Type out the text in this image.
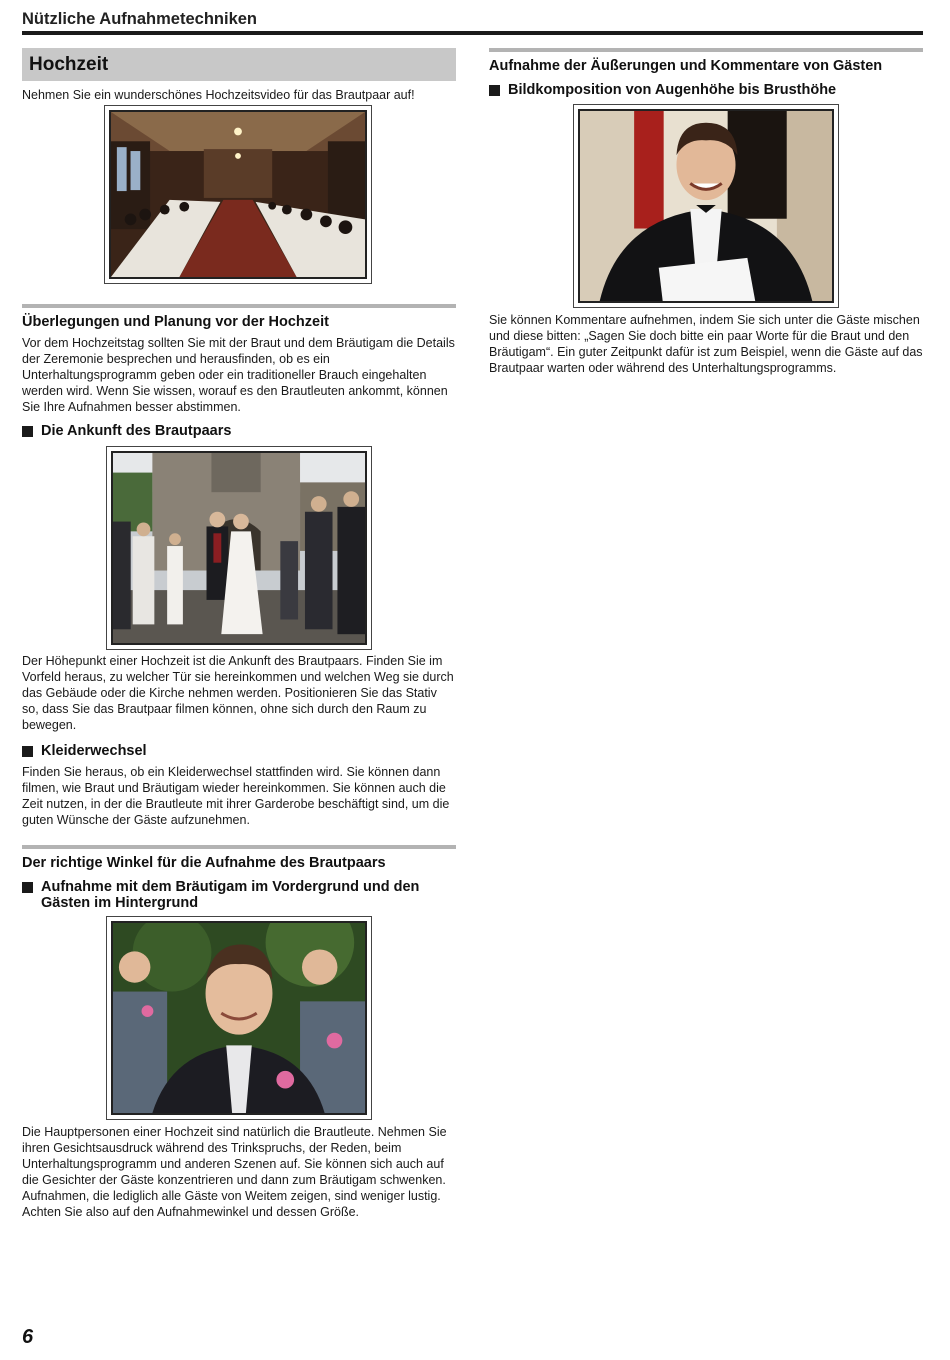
Nützliche Aufnahmetechniken
Hochzeit
Nehmen Sie ein wunderschönes Hochzeitsvideo für das Brautpaar auf!
Überlegungen und Planung vor der Hochzeit
Vor dem Hochzeitstag sollten Sie mit der Braut und dem Bräutigam die Details der Zeremonie besprechen und herausfinden, ob es ein Unterhaltungsprogramm geben oder ein traditioneller Brauch eingehalten werden wird. Wenn Sie wissen, worauf es den Brautleuten ankommt, können Sie Ihre Aufnahmen besser abstimmen.
Die Ankunft des Brautpaars
Der Höhepunkt einer Hochzeit ist die Ankunft des Brautpaars. Finden Sie im Vorfeld heraus, zu welcher Tür sie hereinkommen und welchen Weg sie durch das Gebäude oder die Kirche nehmen werden. Positionieren Sie das Stativ so, dass Sie das Brautpaar filmen können, ohne sich durch den Raum zu bewegen.
Kleiderwechsel
Finden Sie heraus, ob ein Kleiderwechsel stattfinden wird. Sie können dann filmen, wie Braut und Bräutigam wieder hereinkommen. Sie können auch die Zeit nutzen, in der die Brautleute mit ihrer Garderobe beschäftigt sind, um die guten Wünsche der Gäste aufzunehmen.
Der richtige Winkel für die Aufnahme des Brautpaars
Aufnahme mit dem Bräutigam im Vordergrund und den Gästen im Hintergrund
Die Hauptpersonen einer Hochzeit sind natürlich die Brautleute. Nehmen Sie ihren Gesichtsausdruck während des Trinkspruchs, der Reden, beim Unterhaltungsprogramm und anderen Szenen auf. Sie können sich auch auf die Gesichter der Gäste konzentrieren und dann zum Bräutigam schwenken. Aufnahmen, die lediglich alle Gäste von Weitem zeigen, sind weniger lustig. Achten Sie also auf den Aufnahmewinkel und dessen Größe.
Aufnahme der Äußerungen und Kommentare von Gästen
Bildkomposition von Augenhöhe bis Brusthöhe
Sie können Kommentare aufnehmen, indem Sie sich unter die Gäste mischen und diese bitten: „Sagen Sie doch bitte ein paar Worte für die Braut und den Bräutigam“. Ein guter Zeitpunkt dafür ist zum Beispiel, wenn die Gäste auf das Brautpaar warten oder während des Unterhaltungsprogramms.
6
